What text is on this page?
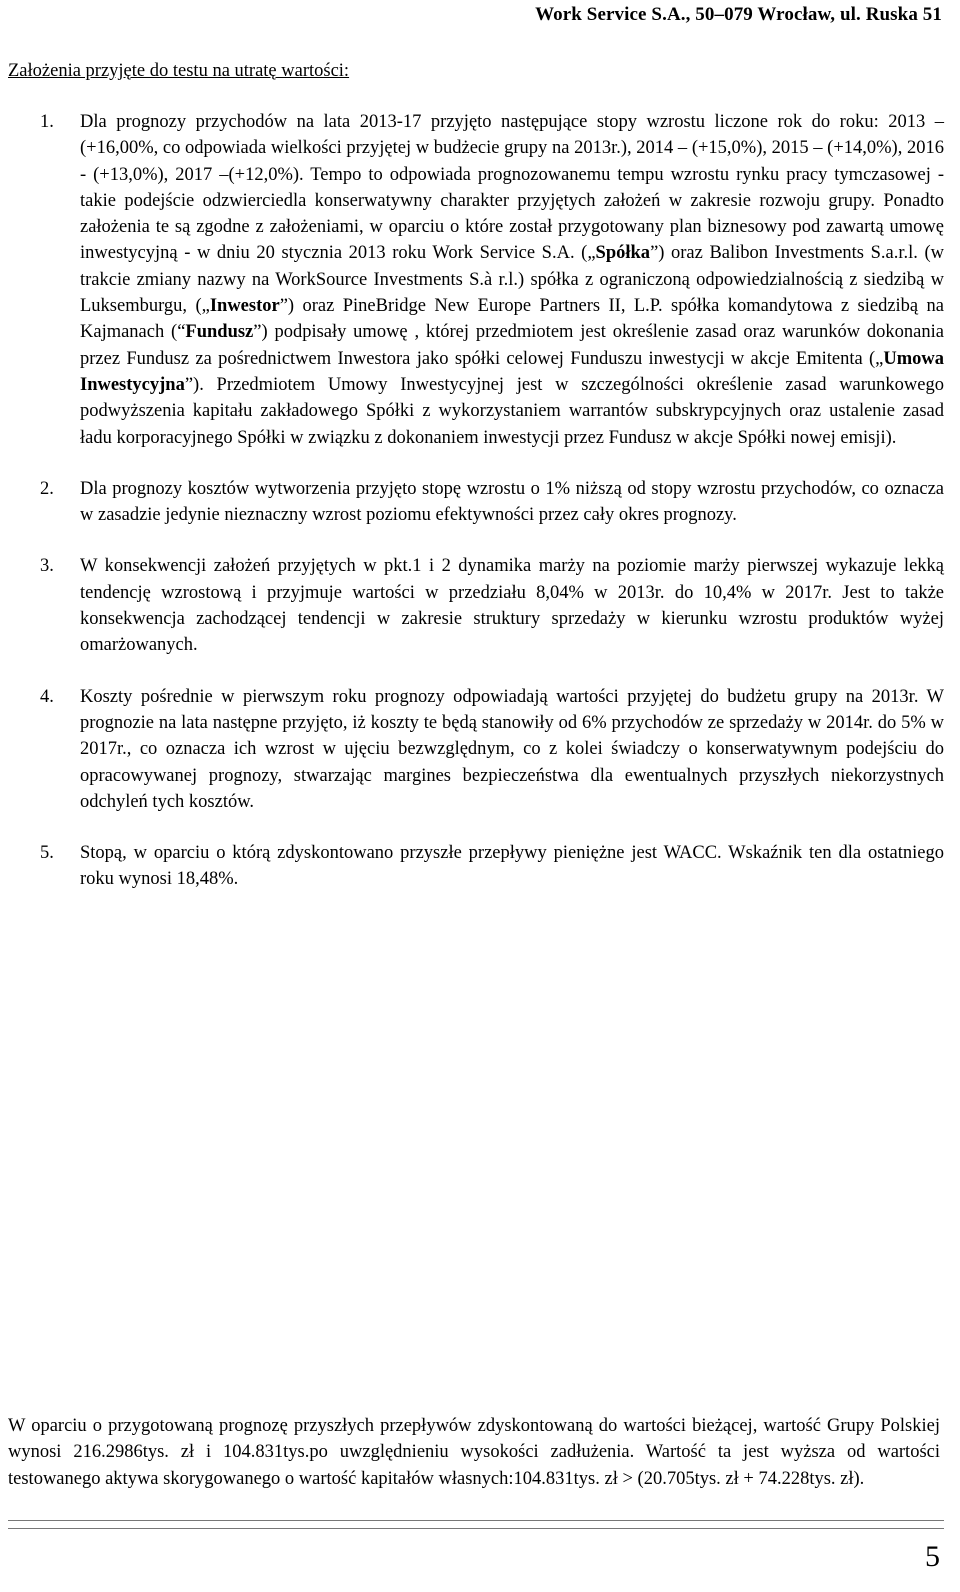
Work Service S.A., 50–079 Wrocław, ul. Ruska 51
Założenia przyjęte do testu na utratę wartości:
1. Dla prognozy przychodów na lata 2013-17 przyjęto następujące stopy wzrostu liczone rok do roku: 2013 – (+16,00%, co odpowiada wielkości przyjętej w budżecie grupy na 2013r.), 2014 – (+15,0%), 2015 – (+14,0%), 2016 - (+13,0%), 2017 –(+12,0%). Tempo to odpowiada prognozowanemu tempu wzrostu rynku pracy tymczasowej - takie podejście odzwierciedla konserwatywny charakter przyjętych założeń w zakresie rozwoju grupy. Ponadto założenia te są zgodne z założeniami, w oparciu o które został przygotowany plan biznesowy pod zawartą umowę inwestycyjną - w dniu 20 stycznia 2013 roku Work Service S.A. („Spółka”) oraz Balibon Investments S.a.r.l. (w trakcie zmiany nazwy na WorkSource Investments S.à r.l.) spółka z ograniczoną odpowiedzialnością z siedzibą w Luksemburgu, („Inwestor”) oraz PineBridge New Europe Partners II, L.P. spółka komandytowa z siedzibą na Kajmanach (“Fundusz”) podpisały umowę , której przedmiotem jest określenie zasad oraz warunków dokonania przez Fundusz za pośrednictwem Inwestora jako spółki celowej Funduszu inwestycji w akcje Emitenta („Umowa Inwestycyjna”). Przedmiotem Umowy Inwestycyjnej jest w szczególności określenie zasad warunkowego podwyższenia kapitału zakładowego Spółki z wykorzystaniem warrantów subskrypcyjnych oraz ustalenie zasad ładu korporacyjnego Spółki w związku z dokonaniem inwestycji przez Fundusz w akcje Spółki nowej emisji).

2. Dla prognozy kosztów wytworzenia przyjęto stopę wzrostu o 1% niższą od stopy wzrostu przychodów, co oznacza w zasadzie jedynie nieznaczny wzrost poziomu efektywności przez cały okres prognozy.

3. W konsekwencji założeń przyjętych w pkt.1 i 2 dynamika marży na poziomie marży pierwszej wykazuje lekką tendencję wzrostową i przyjmuje wartości w przedziału 8,04% w 2013r. do 10,4% w 2017r. Jest to także konsekwencja zachodzącej tendencji w zakresie struktury sprzedaży w kierunku wzrostu produktów wyżej omarżowanych.

4. Koszty pośrednie w pierwszym roku prognozy odpowiadają wartości przyjętej do budżetu grupy na 2013r. W prognozie na lata następne przyjęto, iż koszty te będą stanowiły od 6% przychodów ze sprzedaży w 2014r. do 5% w 2017r., co oznacza ich wzrost w ujęciu bezwzględnym, co z kolei świadczy o konserwatywnym podejściu do opracowywanej prognozy, stwarzając margines bezpieczeństwa dla ewentualnych przyszłych niekorzystnych odchyleń tych kosztów.

5. Stopą, w oparciu o którą zdyskontowano przyszłe przepływy pieniężne jest WACC. Wskaźnik ten dla ostatniego roku wynosi 18,48%.

W oparciu o przygotowaną prognozę przyszłych przepływów zdyskontowaną do wartości bieżącej, wartość Grupy Polskiej wynosi 216.2986tys. zł i 104.831tys.po uwzględnieniu wysokości zadłużenia. Wartość ta jest wyższa od wartości testowanego aktywa skorygowanego o wartość kapitałów własnych:104.831tys. zł > (20.705tys. zł + 74.228tys. zł).

5
